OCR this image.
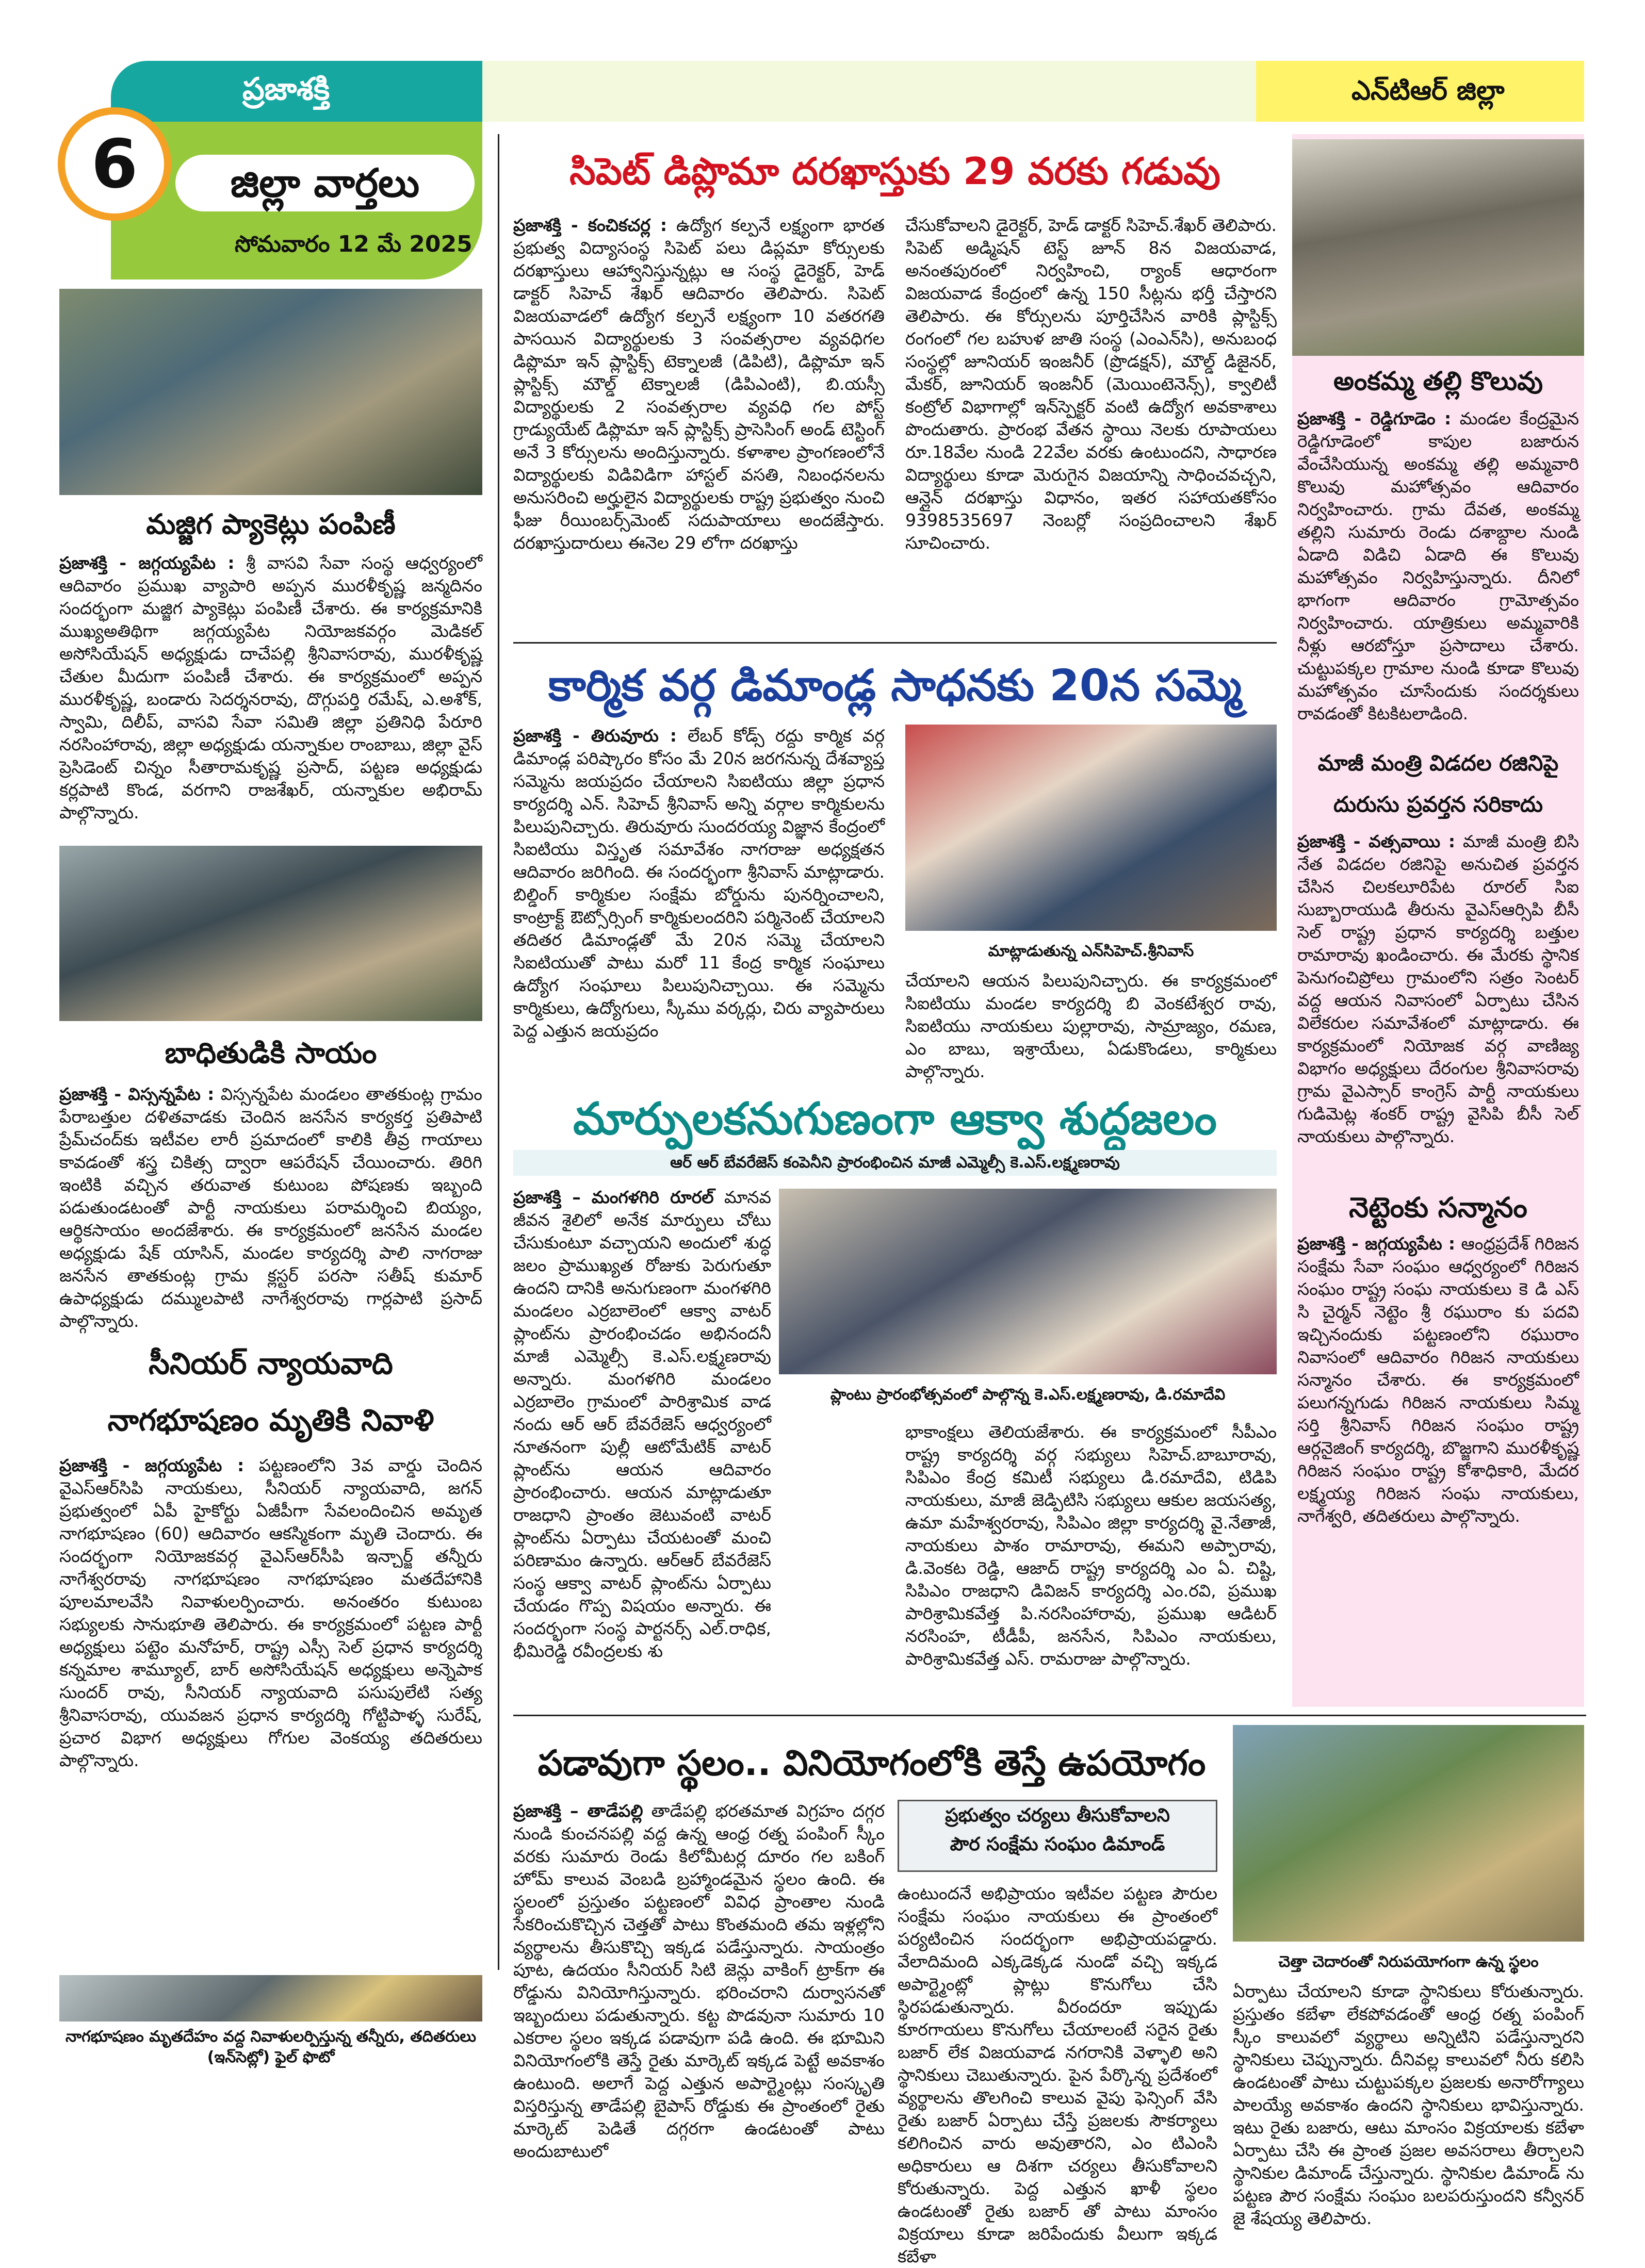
ప్రజాశక్తి	ఎన్‌టిఆర్ జిల్లా
6	జిల్లా వార్తలు
సోమవారం 12 మే 2025
మజ్జిగ ప్యాకెట్లు పంపిణీ
ప్రజాశక్తి - జగ్గయ్యపేట : శ్రీ వాసవి సేవా సంస్థ ఆధ్వర్యంలో ఆదివారం ప్రముఖ వ్యాపారి అప్పన మురళీకృష్ణ జన్మదినం సందర్భంగా మజ్జిగ ప్యాకెట్లు పంపిణీ చేశారు. ఈ కార్యక్రమానికి ముఖ్యఅతిథిగా జగ్గయ్యపేట నియోజకవర్గం మెడికల్ అసోసియేషన్ అధ్యక్షుడు దాచేపల్లి శ్రీనివాసరావు, మురళీకృష్ణ చేతుల మీదుగా పంపిణీ చేశారు. ఈ కార్యక్రమంలో అప్పన మురళీకృష్ణ, బండారు సెదర్శనరావు, దొగ్గుపర్తి రమేష్, ఎ.అశోక్, స్వామి, దిలీప్, వాసవి సేవా సమితి జిల్లా ప్రతినిధి పేరూరి నరసింహారావు, జిల్లా అధ్యక్షుడు యన్నాకుల రాంబాబు, జిల్లా వైస్ ప్రెసిడెంట్ చిన్నం సీతారామకృష్ణ ప్రసాద్, పట్టణ అధ్యక్షుడు కర్లపాటి కొండ, వరగాని రాజశేఖర్, యన్నాకుల అభిరామ్ పాల్గొన్నారు.
బాధితుడికి సాయం
ప్రజాశక్తి - విస్సన్నపేట : విస్సన్నపేట మండలం తాతకుంట్ల గ్రామం పేరాబత్తుల దళితవాడకు చెందిన జనసేన కార్యకర్త ప్రతిపాటి ప్రేమ్‌చంద్‌కు ఇటీవల లారీ ప్రమాదంలో కాలికి తీవ్ర గాయాలు కావడంతో శస్త్ర చికిత్స ద్వారా ఆపరేషన్ చేయించారు. తిరిగి ఇంటికి వచ్చిన తరువాత కుటుంబ పోషణకు ఇబ్బంది పడుతుండటంతో పార్టీ నాయకులు పరామర్శించి బియ్యం, ఆర్థికసాయం అందజేశారు. ఈ కార్యక్రమంలో జనసేన మండల అధ్యక్షుడు షేక్ యాసిన్, మండల కార్యదర్శి పాలి నాగరాజు జనసేన తాతకుంట్ల గ్రామ క్లస్టర్ పరసా సతీష్ కుమార్ ఉపాధ్యక్షుడు దమ్ములపాటి నాగేశ్వరరావు గార్లపాటి ప్రసాద్ పాల్గొన్నారు.
సీనియర్ న్యాయవాది
నాగభూషణం మృతికి నివాళి
ప్రజాశక్తి - జగ్గయ్యపేట : పట్టణంలోని 3వ వార్డు చెందిన వైఎస్‌ఆర్‌సిపి నాయకులు, సీనియర్ న్యాయవాది, జగన్ ప్రభుత్వంలో ఏపీ హైకోర్టు ఏజీపీగా సేవలందించిన అమృత నాగభూషణం (60) ఆదివారం ఆకస్మికంగా మృతి చెందారు. ఈ సందర్భంగా నియోజకవర్గ వైఎస్ఆర్‌సీపి ఇన్చార్జ్ తన్నీరు నాగేశ్వరరావు నాగభూషణం నాగభూషణం మతదేహానికి పూలమాలవేసి నివాళులర్పించారు. అనంతరం కుటుంబ సభ్యులకు సానుభూతి తెలిపారు. ఈ కార్యక్రమంలో పట్టణ పార్టీ అధ్యక్షులు పట్టెం మనోహర్, రాష్ట్ర ఎస్సీ సెల్ ప్రధాన కార్యదర్శి కన్నమాల శామ్యూల్, బార్ అసోసియేషన్ అధ్యక్షులు అన్నెపాక సుందర్ రావు, సీనియర్ న్యాయవాది పసుపులేటి సత్య శ్రీనివాసరావు, యువజన ప్రధాన కార్యదర్శి గోట్టిపాళ్ళ సురేష్, ప్రచార విభాగ అధ్యక్షులు గోగుల వెంకయ్య తదితరులు పాల్గొన్నారు.
నాగభూషణం మృతదేహం వద్ద నివాళులర్పిస్తున్న తన్నీరు, తదితరులు (ఇన్‌సెట్లో) ఫైల్ ఫొటో
సిపెట్ డిప్లొమా దరఖాస్తుకు 29 వరకు గడువు
ప్రజాశక్తి - కంచికచర్ల : ఉద్యోగ కల్పనే లక్ష్యంగా భారత ప్రభుత్వ విద్యాసంస్థ సిపెట్ పలు డిప్లమా కోర్సులకు దరఖాస్తులు ఆహ్వానిస్తున్నట్లు ఆ సంస్థ డైరెక్టర్, హెడ్ డాక్టర్ సిహెచ్ శేఖర్ ఆదివారం తెలిపారు. సిపెట్ విజయవాడలో ఉద్యోగ కల్పనే లక్ష్యంగా 10 వతరగతి పాసయిన విద్యార్థులకు 3 సంవత్సరాల వ్యవధిగల డిప్లొమా ఇన్ ప్లాస్టిక్స్ టెక్నాలజీ (డిపిటి), డిప్లొమా ఇన్ ప్లాస్టిక్స్ మౌల్డ్ టెక్నాలజీ (డిపిఎంటి), బి.యస్సీ విద్యార్థులకు 2 సంవత్సరాల వ్యవధి గల పోస్ట్ గ్రాడ్యుయేట్ డిప్లొమా ఇన్ ప్లాస్టిక్స్ ప్రాసెసింగ్ అండ్ టెస్టింగ్ అనే 3 కోర్సులను అందిస్తున్నారు. కళాశాల ప్రాంగణంలోనే విద్యార్థులకు విడివిడిగా హాస్టల్ వసతి, నిబంధనలను అనుసరించి అర్హులైన విద్యార్థులకు రాష్ట్ర ప్రభుత్వం నుంచి ఫీజు రీయింబర్స్‌మెంట్ సదుపాయాలు అందజేస్తారు. దరఖాస్తుదారులు ఈనెల 29 లోగా దరఖాస్తు
చేసుకోవాలని డైరెక్టర్, హెడ్ డాక్టర్ సిహెచ్.శేఖర్ తెలిపారు. సిపెట్ అడ్మిషన్ టెస్ట్ జూన్ 8న విజయవాడ, అనంతపురంలో నిర్వహించి, ర్యాంక్ ఆధారంగా విజయవాడ కేంద్రంలో ఉన్న 150 సీట్లను భర్తీ చేస్తారని తెలిపారు. ఈ కోర్సులను పూర్తిచేసిన వారికి ప్లాస్టిక్స్ రంగంలో గల బహుళ జాతి సంస్థ (ఎంఎన్‌సి), అనుబంధ సంస్థల్లో జూనియర్ ఇంజనీర్ (ప్రొడక్షన్), మౌల్డ్ డిజైనర్, మేకర్, జూనియర్ ఇంజనీర్ (మెయింటెనెన్స్), క్వాలిటీ కంట్రోల్ విభాగాల్లో ఇన్‌స్పెక్టర్ వంటి ఉద్యోగ అవకాశాలు పొందుతారు. ప్రారంభ వేతన స్థాయి నెలకు రూపాయలు రూ.18వేల నుండి 22వేల వరకు ఉంటుందని, సాధారణ విద్యార్థులు కూడా మెరుగైన విజయాన్ని సాధించవచ్చని, ఆన్లైన్ దరఖాస్తు విధానం, ఇతర సహాయతకోసం 9398535697 నెంబర్లో సంప్రదించాలని శేఖర్ సూచించారు.
కార్మిక వర్గ డిమాండ్ల సాధనకు 20న సమ్మె
ప్రజాశక్తి - తిరువూరు : లేబర్ కోడ్స్ రద్దు కార్మిక వర్గ డిమాండ్ల పరిష్కారం కోసం మే 20న జరగనున్న దేశవ్యాప్త సమ్మెను జయప్రదం చేయాలని సిఐటియు జిల్లా ప్రధాన కార్యదర్శి ఎన్. సిహెచ్ శ్రీనివాస్ అన్ని వర్గాల కార్మికులను పిలుపునిచ్చారు. తిరువూరు సుందరయ్య విజ్ఞాన కేంద్రంలో సిఐటియు విస్తృత సమావేశం నాగరాజు అధ్యక్షతన ఆదివారం జరిగింది. ఈ సందర్భంగా శ్రీనివాస్ మాట్లాడారు. బిల్డింగ్ కార్మికుల సంక్షేమ బోర్డును పునర్నించాలని, కాంట్రాక్ట్ ఔట్సోర్సింగ్ కార్మికులందరిని పర్మినెంట్ చేయాలని తదితర డిమాండ్లతో మే 20న సమ్మె చేయాలని సిఐటియుతో పాటు మరో 11 కేంద్ర కార్మిక సంఘాలు ఉద్యోగ సంఘాలు పిలుపునిచ్చాయి. ఈ సమ్మెను కార్మికులు, ఉద్యోగులు, స్కీము వర్కర్లు, చిరు వ్యాపారులు పెద్ద ఎత్తున జయప్రదం
మాట్లాడుతున్న ఎన్‌సిహెచ్.శ్రీనివాస్
చేయాలని ఆయన పిలుపునిచ్చారు. ఈ కార్యక్రమంలో సిఐటియు మండల కార్యదర్శి బి వెంకటేశ్వర రావు, సిఐటియు నాయకులు పుల్లారావు, సామ్రాజ్యం, రమణ, ఎం బాబు, ఇశ్రాయేలు, ఏడుకొండలు, కార్మికులు పాల్గొన్నారు.
మార్పులకనుగుణంగా ఆక్వా శుద్ధజలం
ఆర్ ఆర్ బేవరేజెస్ కంపెనీని ప్రారంభించిన మాజీ ఎమ్మెల్సీ కె.ఎస్.లక్ష్మణరావు
ప్రజాశక్తి – మంగళగిరి రూరల్ మానవ జీవన శైలిలో అనేక మార్పులు చోటు చేసుకుంటూ వచ్చాయని అందులో శుద్ధ జలం ప్రాముఖ్యత రోజుకు పెరుగుతూ ఉందని దానికి అనుగుణంగా మంగళగిరి మండలం ఎర్రబాలెంలో ఆక్వా వాటర్ ప్లాంట్‌ను ప్రారంభించడం అభినందనీ మాజీ ఎమ్మెల్సీ కె.ఎస్.లక్ష్మణరావు అన్నారు. మంగళగిరి మండలం ఎర్రబాలెం గ్రామంలో పారిశ్రామిక వాడ నందు ఆర్ ఆర్ బేవరేజెస్ ఆధ్వర్యంలో నూతనంగా పుల్లీ ఆటోమేటిక్ వాటర్ ప్లాంట్‌ను ఆయన ఆదివారం ప్రారంభించారు. ఆయన మాట్లాడుతూ రాజధాని ప్రాంతం జెటువంటి వాటర్ ప్లాంట్‌ను ఏర్పాటు చేయటంతో మంచి పరిణామం ఉన్నారు. ఆర్ఆర్ బేవరేజెస్ సంస్థ ఆక్వా వాటర్ ప్లాంట్‌ను ఏర్పాటు చేయడం గొప్ప విషయం అన్నారు. ఈ సందర్భంగా సంస్థ పార్టనర్స్ ఎల్.రాధిక, భీమిరెడ్డి రవీంద్రలకు శు
ప్లాంటు ప్రారంభోత్సవంలో పాల్గొన్న కె.ఎస్.లక్ష్మణరావు, డి.రమాదేవి
భాకాంక్షలు తెలియజేశారు. ఈ కార్యక్రమంలో సీపీఎం రాష్ట్ర కార్యదర్శి వర్గ సభ్యులు సిహెచ్.బాబూరావు, సిపిఎం కేంద్ర కమిటీ సభ్యులు డి.రమాదేవి, టిడిపి నాయకులు, మాజీ జెడ్పిటిసి సభ్యులు ఆకుల జయసత్య, ఉమా మహేశ్వరరావు, సిపిఎం జిల్లా కార్యదర్శి వై.నేతాజీ, నాయకులు పాశం రామారావు, ఈమని అప్పారావు, డి.వెంకట రెడ్డి, ఆజాద్ రాష్ట్ర కార్యదర్శి ఎం ఏ. చిష్టి, సిపిఎం రాజధాని డివిజన్ కార్యదర్శి ఎం.రవి, ప్రముఖ పారిశ్రామికవేత్త పి.నరసింహారావు, ప్రముఖ ఆడిటర్ నరసింహ, టీడీపీ, జనసేన, సిపిఎం నాయకులు, పారిశ్రామికవేత్త ఎస్. రామరాజు పాల్గొన్నారు.
అంకమ్మ తల్లి కొలువు
ప్రజాశక్తి - రెడ్డిగూడెం : మండల కేంద్రమైన రెడ్డిగూడెంలో కాపుల బజారున వేంచేసియున్న అంకమ్మ తల్లి అమ్మవారి కొలువు మహోత్సవం ఆదివారం నిర్వహించారు. గ్రామ దేవత, అంకమ్మ తల్లిని సుమారు రెండు దశాబ్దాల నుండి ఏడాది విడిచి ఏడాది ఈ కొలువు మహోత్సవం నిర్వహిస్తున్నారు. దీనిలో భాగంగా ఆదివారం గ్రామోత్సవం నిర్వహించారు. యాత్రికులు అమ్మవారికి నీళ్లు ఆరబోస్తూ ప్రసాదాలు చేశారు. చుట్టుపక్కల గ్రామాల నుండి కూడా కొలువు మహోత్సవం చూసేందుకు సందర్శకులు రావడంతో కిటకిటలాడింది.
మాజీ మంత్రి విడదల రజినిపై
దురుసు ప్రవర్తన సరికాదు
ప్రజాశక్తి - వత్సవాయి : మాజీ మంత్రి బిసి నేత విడదల రజినిపై అనుచిత ప్రవర్తన చేసిన చిలకలూరిపేట రూరల్ సిఐ సుబ్బారాయుడి తీరును వైఎస్ఆర్సిపి బీసీ సెల్ రాష్ట్ర ప్రధాన కార్యదర్శి బత్తుల రామారావు ఖండించారు. ఈ మేరకు స్థానిక పెనుగంచిప్రోలు గ్రామంలోని సత్రం సెంటర్ వద్ద ఆయన నివాసంలో ఏర్పాటు చేసిన విలేకరుల సమావేశంలో మాట్లాడారు. ఈ కార్యక్రమంలో నియోజక వర్గ వాణిజ్య విభాగం అధ్యక్షులు దేరంగుల శ్రీనివాసరావు గ్రామ వైఎస్సార్ కాంగ్రెస్ పార్టీ నాయకులు గుడిమెట్ల శంకర్ రాష్ట్ర వైసిపి బీసీ సెల్ నాయకులు పాల్గొన్నారు.
నెట్టెంకు సన్మానం
ప్రజాశక్తి - జగ్గయ్యపేట : ఆంధ్రప్రదేశ్ గిరిజన సంక్షేమ సేవా సంఘం ఆధ్వర్యంలో గిరిజన సంఘం రాష్ట్ర సంఘ నాయకులు కె డి ఎస్ సి చైర్మన్ నెట్టెం శ్రీ రఘురాం కు పదవి ఇచ్చినందుకు పట్టణంలోని రఘురాం నివాసంలో ఆదివారం గిరిజన నాయకులు సన్మానం చేశారు. ఈ కార్యక్రమంలో పలుగన్నగుడు గిరిజన నాయకులు సిమ్మ సర్తి శ్రీనివాస్ గిరిజన సంఘం రాష్ట్ర ఆర్గనైజింగ్ కార్యదర్శి, బొజ్జగాని మురళీకృష్ణ గిరిజన సంఘం రాష్ట్ర కోశాధికారి, మేదర లక్ష్మయ్య గిరిజన సంఘ నాయకులు, నాగేశ్వరి, తదితరులు పాల్గొన్నారు.
పడావుగా స్థలం.. వినియోగంలోకి తెస్తే ఉపయోగం
చెత్తా చెదారంతో నిరుపయోగంగా ఉన్న స్థలం
ప్రజాశక్తి – తాడేపల్లి తాడేపల్లి భరతమాత విగ్రహం దగ్గర నుండి కుంచనపల్లి వద్ద ఉన్న ఆంధ్ర రత్న పంపింగ్ స్కీం వరకు సుమారు రెండు కిలోమీటర్ల దూరం గల బకింగ్ హోమ్ కాలువ వెంబడి బ్రహ్మాండమైన స్థలం ఉంది. ఈ స్థలంలో ప్రస్తుతం పట్టణంలో వివిధ ప్రాంతాల నుండి సేకరించుకొచ్చిన చెత్తతో పాటు కొంతమంది తమ ఇళ్లల్లోని వ్యర్థాలను తీసుకొచ్చి ఇక్కడ పడేస్తున్నారు. సాయంత్రం పూట, ఉదయం సీనియర్ సిటి జెన్లు వాకింగ్ ట్రాక్‌గా ఈ రోడ్డును వినియోగిస్తున్నారు. భరించరాని దుర్వాసనతో ఇబ్బందులు పడుతున్నారు. కట్ట పొడవునా సుమారు 10 ఎకరాల స్థలం ఇక్కడ పడావుగా పడి ఉంది. ఈ భూమిని వినియోగంలోకి తెస్తే రైతు మార్కెట్ ఇక్కడ పెట్టే అవకాశం ఉంటుంది. అలాగే పెద్ద ఎత్తున అపార్ట్మెంట్లు సంస్కృతి విస్తరిస్తున్న తాడేపల్లి బైపాస్ రోడ్డుకు ఈ ప్రాంతంలో రైతు మార్కెట్ పెడితే దగ్గరగా ఉండటంతో పాటు అందుబాటులో
ప్రభుత్వం చర్యలు తీసుకోవాలని
పౌర సంక్షేమ సంఘం డిమాండ్
ఉంటుందనే అభిప్రాయం ఇటీవల పట్టణ పౌరుల సంక్షేమ సంఘం నాయకులు ఈ ప్రాంతంలో పర్యటించిన సందర్భంగా అభిప్రాయపడ్డారు. వేలాదిమంది ఎక్కడెక్కడ నుండో వచ్చి ఇక్కడ అపార్ట్మెంట్లో ప్లాట్లు కొనుగోలు చేసి స్థిరపడుతున్నారు. వీరందరూ ఇప్పుడు కూరగాయలు కొనుగోలు చేయాలంటే సరైన రైతు బజార్ లేక విజయవాడ నగరానికి వెళ్ళాలి అని స్థానికులు చెబుతున్నారు. పైన పేర్కొన్న ప్రదేశంలో వ్యర్థాలను తొలగించి కాలువ వైపు ఫెన్సింగ్ వేసి రైతు బజార్ ఏర్పాటు చేస్తే ప్రజలకు సౌకర్యాలు కలిగించిన వారు అవుతారని, ఎం టిఎంసి అధికారులు ఆ దిశగా చర్యలు తీసుకోవాలని కోరుతున్నారు. పెద్ద ఎత్తున ఖాళీ స్థలం ఉండటంతో రైతు బజార్ తో పాటు మాంసం విక్రయాలు కూడా జరిపేందుకు వీలుగా ఇక్కడ కబేళా
ఏర్పాటు చేయాలని కూడా స్థానికులు కోరుతున్నారు. ప్రస్తుతం కబేళా లేకపోవడంతో ఆంధ్ర రత్న పంపింగ్ స్కీం కాలువలో వ్యర్థాలు అన్నిటిని పడేస్తున్నారని స్థానికులు చెప్పున్నారు. దీనివల్ల కాలువలో నీరు కలిసి ఉండటంతో పాటు చుట్టుపక్కల ప్రజలకు అనారోగ్యాలు పాలయ్యే అవకాశం ఉందని స్థానికులు భావిస్తున్నారు. ఇటు రైతు బజారు, ఆటు మాంసం విక్రయాలకు కబేళా ఏర్పాటు చేసి ఈ ప్రాంత ప్రజల అవసరాలు తీర్చాలని స్థానికుల డిమాండ్ చేస్తున్నారు. స్థానికుల డిమాండ్ ను పట్టణ పౌర సంక్షేమ సంఘం బలపరుస్తుందని కన్వీనర్ జై శేషయ్య తెలిపారు.
